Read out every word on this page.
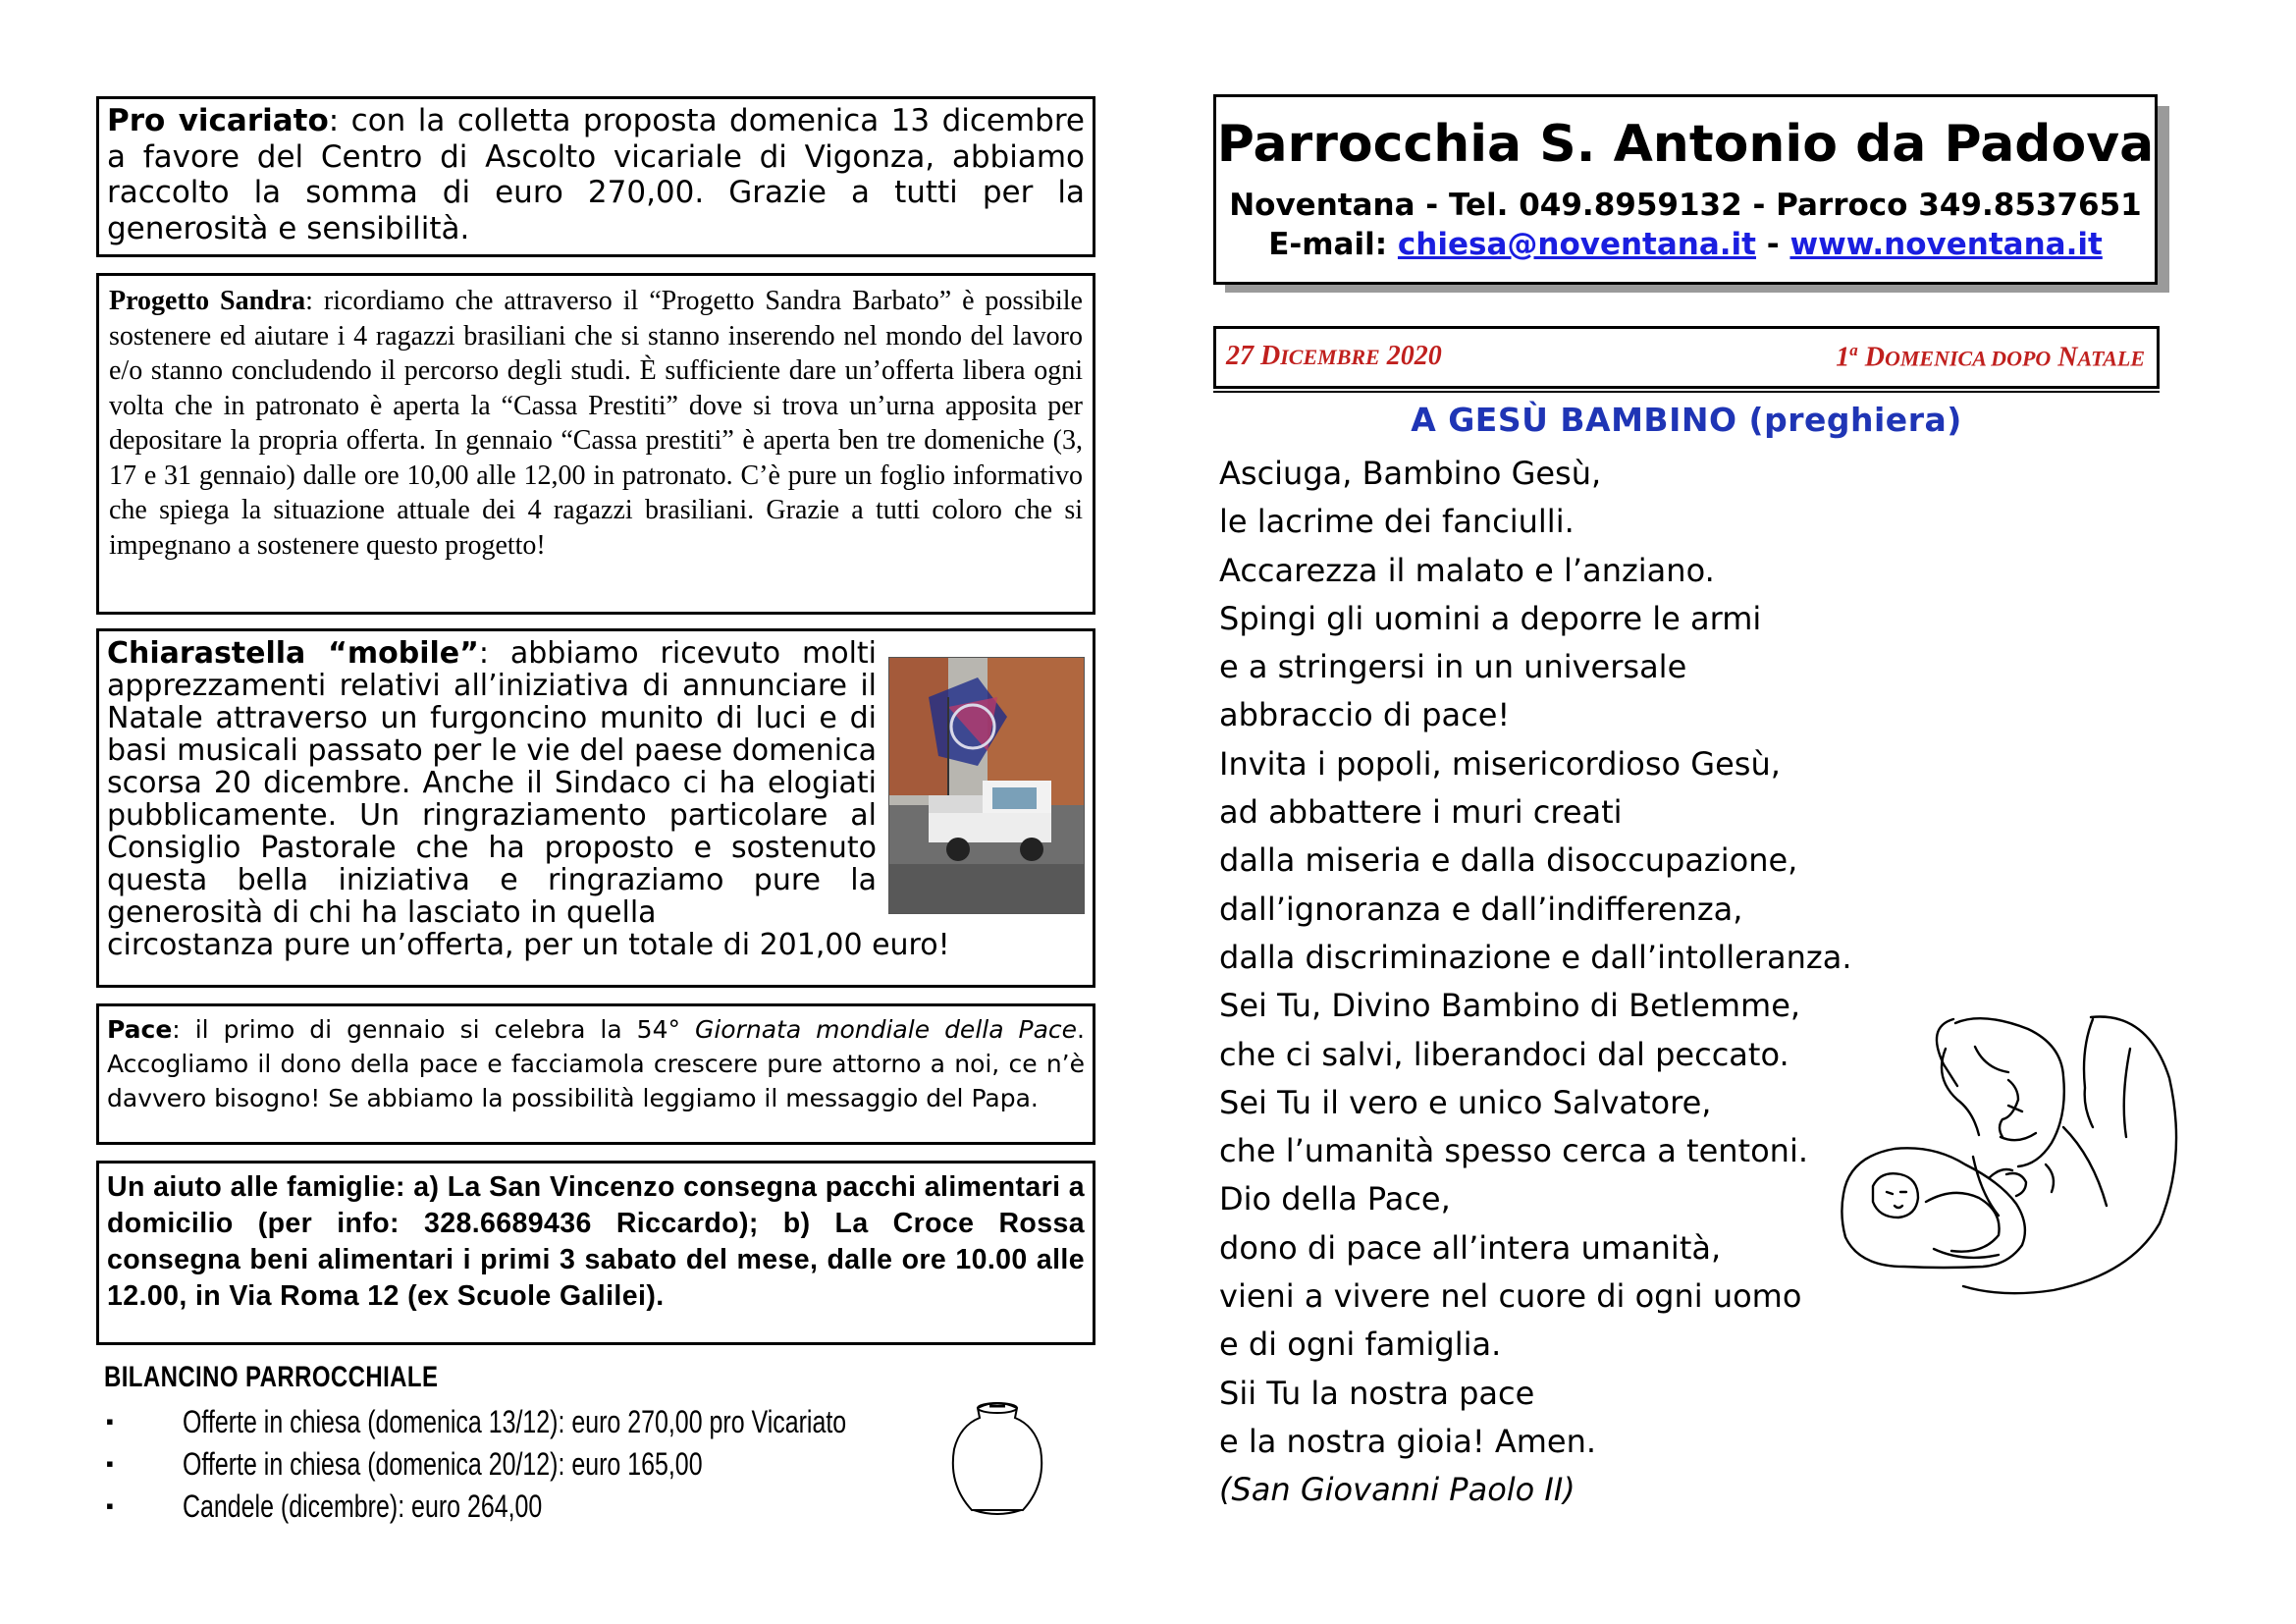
Pro vicariato: con la colletta proposta domenica 13 dicembre a favore del Centro di Ascolto vicariale di Vigonza, abbiamo raccolto la somma di euro 270,00. Grazie a tutti per la generosità e sensibilità.

Progetto Sandra: ricordiamo che attraverso il “Progetto Sandra Barbato” è possibile sostenere ed aiutare i 4 ragazzi brasiliani che si stanno inserendo nel mondo del lavoro e/o stanno concludendo il percorso degli studi. È sufficiente dare un’offerta libera ogni volta che in patronato è aperta la “Cassa Prestiti” dove si trova un’urna apposita per depositare la propria offerta. In gennaio “Cassa prestiti” è aperta ben tre domeniche (3, 17 e 31 gennaio) dalle ore 10,00 alle 12,00 in patronato. C’è pure un foglio informativo che spiega la situazione attuale dei 4 ragazzi brasiliani. Grazie a tutti coloro che si impegnano a sostenere questo progetto!

Chiarastella “mobile”: abbiamo ricevuto molti apprezzamenti relativi all’iniziativa di annunciare il Natale attraverso un furgoncino munito di luci e di basi musicali passato per le vie del paese domenica scorsa 20 dicembre. Anche il Sindaco ci ha elogiati pubblicamente. Un ringraziamento particolare al Consiglio Pastorale che ha proposto e sostenuto questa bella iniziativa e ringraziamo pure la generosità di chi ha lasciato in quella

circostanza pure un’offerta, per un totale di 201,00 euro!

Pace: il primo di gennaio si celebra la 54° Giornata mondiale della Pace. Accogliamo il dono della pace e facciamola crescere pure attorno a noi, ce n’è davvero bisogno! Se abbiamo la possibilità leggiamo il messaggio del Papa.

Un aiuto alle famiglie: a) La San Vincenzo consegna pacchi alimentari a domicilio (per info: 328.6689436 Riccardo); b) La Croce Rossa consegna beni alimentari i primi 3 sabato del mese, dalle ore 10.00 alle 12.00, in Via Roma 12 (ex Scuole Galilei).

BILANCINO PARROCCHIALE
▪ Offerte in chiesa (domenica 13/12): euro 270,00 pro Vicariato
▪ Offerte in chiesa (domenica 20/12): euro 165,00
▪ Candele (dicembre): euro 264,00
Parrocchia S. Antonio da Padova
Noventana - Tel. 049.8959132 - Parroco 349.8537651
E-mail: chiesa@noventana.it - www.noventana.it
27 DICEMBRE 2020	1$^a$ DOMENICA DOPO NATALE
A GESÙ BAMBINO (preghiera)
Asciuga, Bambino Gesù,
le lacrime dei fanciulli.
Accarezza il malato e l’anziano.
Spingi gli uomini a deporre le armi
e a stringersi in un universale
abbraccio di pace!
Invita i popoli, misericordioso Gesù,
ad abbattere i muri creati
dalla miseria e dalla disoccupazione,
dall’ignoranza e dall’indifferenza,
dalla discriminazione e dall’intolleranza.
Sei Tu, Divino Bambino di Betlemme,
che ci salvi, liberandoci dal peccato.
Sei Tu il vero e unico Salvatore,
che l’umanità spesso cerca a tentoni.
Dio della Pace,
dono di pace all’intera umanità,
vieni a vivere nel cuore di ogni uomo
e di ogni famiglia.
Sii Tu la nostra pace
e la nostra gioia! Amen.
(San Giovanni Paolo II)
